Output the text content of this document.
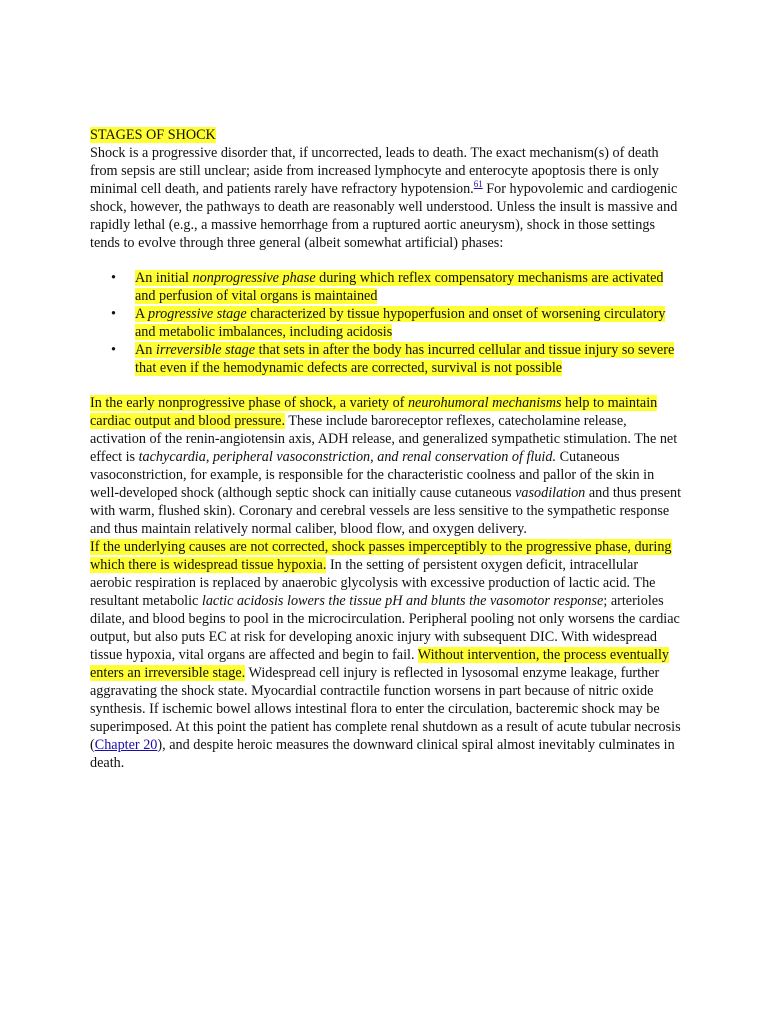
STAGES OF SHOCK

Shock is a progressive disorder that, if uncorrected, leads to death. The exact mechanism(s) of death from sepsis are still unclear; aside from increased lymphocyte and enterocyte apoptosis there is only minimal cell death, and patients rarely have refractory hypotension.$^{61}$ For hypovolemic and cardiogenic shock, however, the pathways to death are reasonably well understood. Unless the insult is massive and rapidly lethal (e.g., a massive hemorrhage from a ruptured aortic aneurysm), shock in those settings tends to evolve through three general (albeit somewhat artificial) phases:

• An initial nonprogressive phase during which reflex compensatory mechanisms are activated and perfusion of vital organs is maintained
• A progressive stage characterized by tissue hypoperfusion and onset of worsening circulatory and metabolic imbalances, including acidosis
• An irreversible stage that sets in after the body has incurred cellular and tissue injury so severe that even if the hemodynamic defects are corrected, survival is not possible

In the early nonprogressive phase of shock, a variety of neurohumoral mechanisms help to maintain cardiac output and blood pressure. These include baroreceptor reflexes, catecholamine release, activation of the renin-angiotensin axis, ADH release, and generalized sympathetic stimulation. The net effect is tachycardia, peripheral vasoconstriction, and renal conservation of fluid. Cutaneous vasoconstriction, for example, is responsible for the characteristic coolness and pallor of the skin in well-developed shock (although septic shock can initially cause cutaneous vasodilation and thus present with warm, flushed skin). Coronary and cerebral vessels are less sensitive to the sympathetic response and thus maintain relatively normal caliber, blood flow, and oxygen delivery.

If the underlying causes are not corrected, shock passes imperceptibly to the progressive phase, during which there is widespread tissue hypoxia. In the setting of persistent oxygen deficit, intracellular aerobic respiration is replaced by anaerobic glycolysis with excessive production of lactic acid. The resultant metabolic lactic acidosis lowers the tissue pH and blunts the vasomotor response; arterioles dilate, and blood begins to pool in the microcirculation. Peripheral pooling not only worsens the cardiac output, but also puts EC at risk for developing anoxic injury with subsequent DIC. With widespread tissue hypoxia, vital organs are affected and begin to fail. Without intervention, the process eventually enters an irreversible stage. Widespread cell injury is reflected in lysosomal enzyme leakage, further aggravating the shock state. Myocardial contractile function worsens in part because of nitric oxide synthesis. If ischemic bowel allows intestinal flora to enter the circulation, bacteremic shock may be superimposed. At this point the patient has complete renal shutdown as a result of acute tubular necrosis (Chapter 20), and despite heroic measures the downward clinical spiral almost inevitably culminates in death.
